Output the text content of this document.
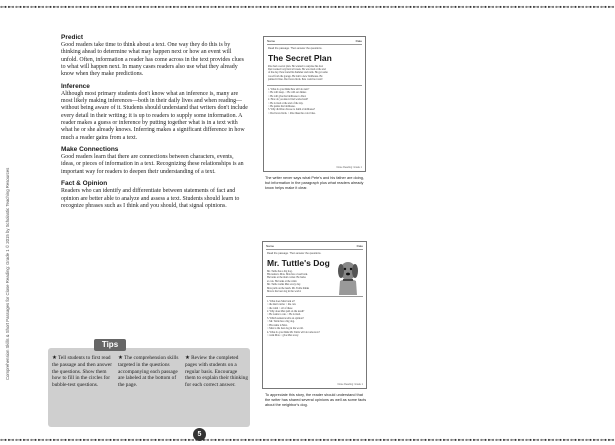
⊶⊷⊶⊷⊶⊷⊶⊷⊶⊷⊶⊷⊶⊷⊶⊷⊶⊷⊶⊷⊶⊷⊶⊷⊶⊷⊶⊷⊶⊷⊶⊷⊶⊷⊶⊷⊶⊷⊶⊷⊶⊷⊶⊷⊶⊷⊶⊷⊶⊷⊶⊷⊶⊷⊶⊷⊶⊷⊶⊷⊶⊷⊶⊷⊶⊷⊶⊷⊶⊷⊶⊷⊶⊷⊶⊷⊶⊷⊶⊷⊶⊷
Comprehension Skills & Short Passages for Close Reading: Grade 1 © 2015 by Scholastic Teaching Resources
Predict
Good readers take time to think about a text. One way they do this is by thinking ahead to determine what may happen next or how an event will unfold. Often, information a reader has come across in the text provides clues to what will happen next. In many cases readers also use what they already know when they make predictions.
Inference
Although most primary students don't know what an inference is, many are most likely making inferences—both in their daily lives and when reading—without being aware of it. Students should understand that writers don't include every detail in their writing; it is up to readers to supply some information. A reader makes a guess or inference by putting together what is in a text with what he or she already knows. Inferring makes a significant difference in how much a reader gains from a text.
Make Connections
Good readers learn that there are connections between characters, events, ideas, or pieces of information in a text. Recognizing these relationships is an important way for readers to deepen their understanding of a text.
Fact & Opinion
Readers who can identify and differentiate between statements of fact and opinion are better able to analyze and assess a text. Students should learn to recognize phrases such as I think and you should, that signal opinions.
Name	Date
Read the passage. Then answer the questions.
The Secret Plan
Pete had a secret plan. He wanted to surprise his dad.
Dad worked very hard all week. He was tired at the end
of the day. Pete found his hammer and nails. He got some
wood from the garage. He built a new birdhouse. He
painted it blue. Dad loves birds. Pete could not wait!
1. What do you think Pete will do next?
○ He will sleep. ○ He will eat dinner.
○ He will give the birdhouse to Dad.
2. How do you know Dad works hard?
○ He is tired at the end of the day.
○ He paints the birdhouse.
3. Why did Pete choose to build a birdhouse?
○ Dad loves birds. ○ Pete likes the color blue.
Close Reading: Grade 1
The writer never says what Pete's and his father are doing, but information in the paragraph plus what readers already know helps make it clear.
Name	Date
Read the passage. Then answer the questions.
Mr. Tuttle's Dog
Mr. Tuttle has a big dog.
His name is Max. Max has a loud bark.
He barks at the mail carrier. He barks
at cats. He barks at the wind.
Mr. Tuttle walks Max every day.
Max pulls on the leash. Mr. Tuttle thinks
Max is the best dog in the world.
1. What does Max bark at?
○ the mail carrier ○ the cats
○ the wind ○ all of these
2. Why does Max pull on the leash?
○ He wants to run. ○ He is tired.
3. Which sentence tells an opinion?
○ Mr. Tuttle has a big dog.
○ His name is Max.
○ Max is the best dog in the world.
4. What do you think Mr. Tuttle will do tomorrow?
○ walk Max ○ give Max away
Close Reading: Grade 1
To appreciate this story, the reader should understand that the writer has shared several opinions as well as some facts about the neighbor's dog.
Tips
★ Tell students to first read the passage and then answer the questions. Show them how to fill in the circles for bubble-test questions.
★ The comprehension skills targeted in the questions accompanying each passage are labeled at the bottom of the page.
★ Review the completed pages with students on a regular basis. Encourage them to explain their thinking for each correct answer.
5
⊶⊷⊶⊷⊶⊷⊶⊷⊶⊷⊶⊷⊶⊷⊶⊷⊶⊷⊶⊷⊶⊷⊶⊷⊶⊷⊶⊷⊶⊷⊶⊷⊶⊷⊶⊷⊶⊷⊶⊷⊶⊷⊶⊷⊶⊷⊶⊷⊶⊷⊶⊷⊶⊷⊶⊷⊶⊷⊶⊷⊶⊷⊶⊷⊶⊷⊶⊷⊶⊷⊶⊷⊶⊷⊶⊷⊶⊷⊶⊷⊶⊷
